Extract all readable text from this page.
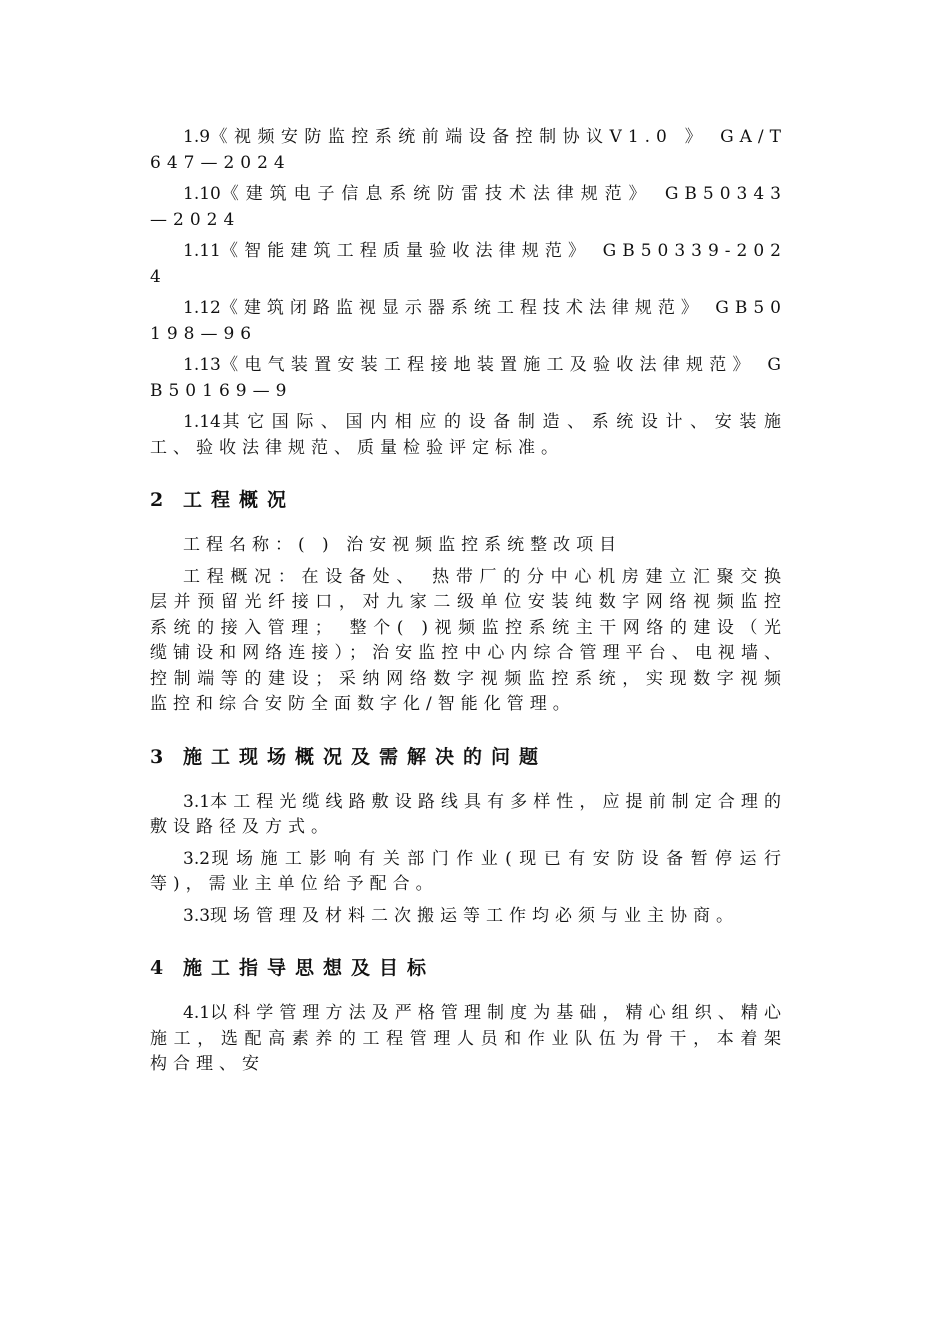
1.9《视频安防监控系统前端设备控制协议V1.0 》 GA/T 647—2024

1.10《建筑电子信息系统防雷技术法律规范》 GB50343—2024

1.11《智能建筑工程质量验收法律规范》 GB50339-2024

1.12《建筑闭路监视显示器系统工程技术法律规范》 GB50198—96

1.13《电气装置安装工程接地装置施工及验收法律规范》 GB50169—9

1.14其它国际、国内相应的设备制造、系统设计、安装施工、验收法律规范、质量检验评定标准。

2 工程概况

工程名称：( ) 治安视频监控系统整改项目

工程概况：在设备处、 热带厂的分中心机房建立汇聚交换层并预留光纤接口，对九家二级单位安装纯数字网络视频监控系统的接入管理； 整个( )视频监控系统主干网络的建设（光缆铺设和网络连接）；治安监控中心内综合管理平台、电视墙、控制端等的建设；采纳网络数字视频监控系统，实现数字视频监控和综合安防全面数字化/智能化管理。

3 施工现场概况及需解决的问题

3.1本工程光缆线路敷设路线具有多样性，应提前制定合理的敷设路径及方式。

3.2现场施工影响有关部门作业(现已有安防设备暂停运行等)，需业主单位给予配合。

3.3现场管理及材料二次搬运等工作均必须与业主协商。

4 施工指导思想及目标

4.1以科学管理方法及严格管理制度为基础，精心组织、精心施工，选配高素养的工程管理人员和作业队伍为骨干，本着架构合理、安
